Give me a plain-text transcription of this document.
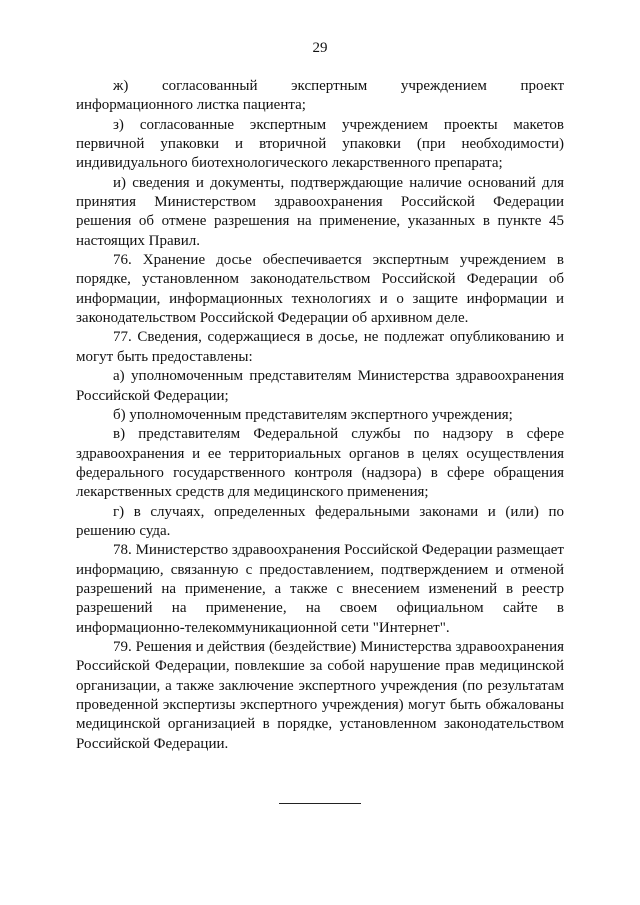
29

ж) согласованный экспертным учреждением проект информационного листка пациента;

з) согласованные экспертным учреждением проекты макетов первичной упаковки и вторичной упаковки (при необходимости) индивидуального биотехнологического лекарственного препарата;

и) сведения и документы, подтверждающие наличие оснований для принятия Министерством здравоохранения Российской Федерации решения об отмене разрешения на применение, указанных в пункте 45 настоящих Правил.

76. Хранение досье обеспечивается экспертным учреждением в порядке, установленном законодательством Российской Федерации об информации, информационных технологиях и о защите информации и законодательством Российской Федерации об архивном деле.

77. Сведения, содержащиеся в досье, не подлежат опубликованию и могут быть предоставлены:

а) уполномоченным представителям Министерства здравоохранения Российской Федерации;

б) уполномоченным представителям экспертного учреждения;

в) представителям Федеральной службы по надзору в сфере здравоохранения и ее территориальных органов в целях осуществления федерального государственного контроля (надзора) в сфере обращения лекарственных средств для медицинского применения;

г) в случаях, определенных федеральными законами и (или) по решению суда.

78. Министерство здравоохранения Российской Федерации размещает информацию, связанную с предоставлением, подтверждением и отменой разрешений на применение, а также с внесением изменений в реестр разрешений на применение, на своем официальном сайте в информационно-телекоммуникационной сети "Интернет".

79. Решения и действия (бездействие) Министерства здравоохранения Российской Федерации, повлекшие за собой нарушение прав медицинской организации, а также заключение экспертного учреждения (по результатам проведенной экспертизы экспертного учреждения) могут быть обжалованы медицинской организацией в порядке, установленном законодательством Российской Федерации.
